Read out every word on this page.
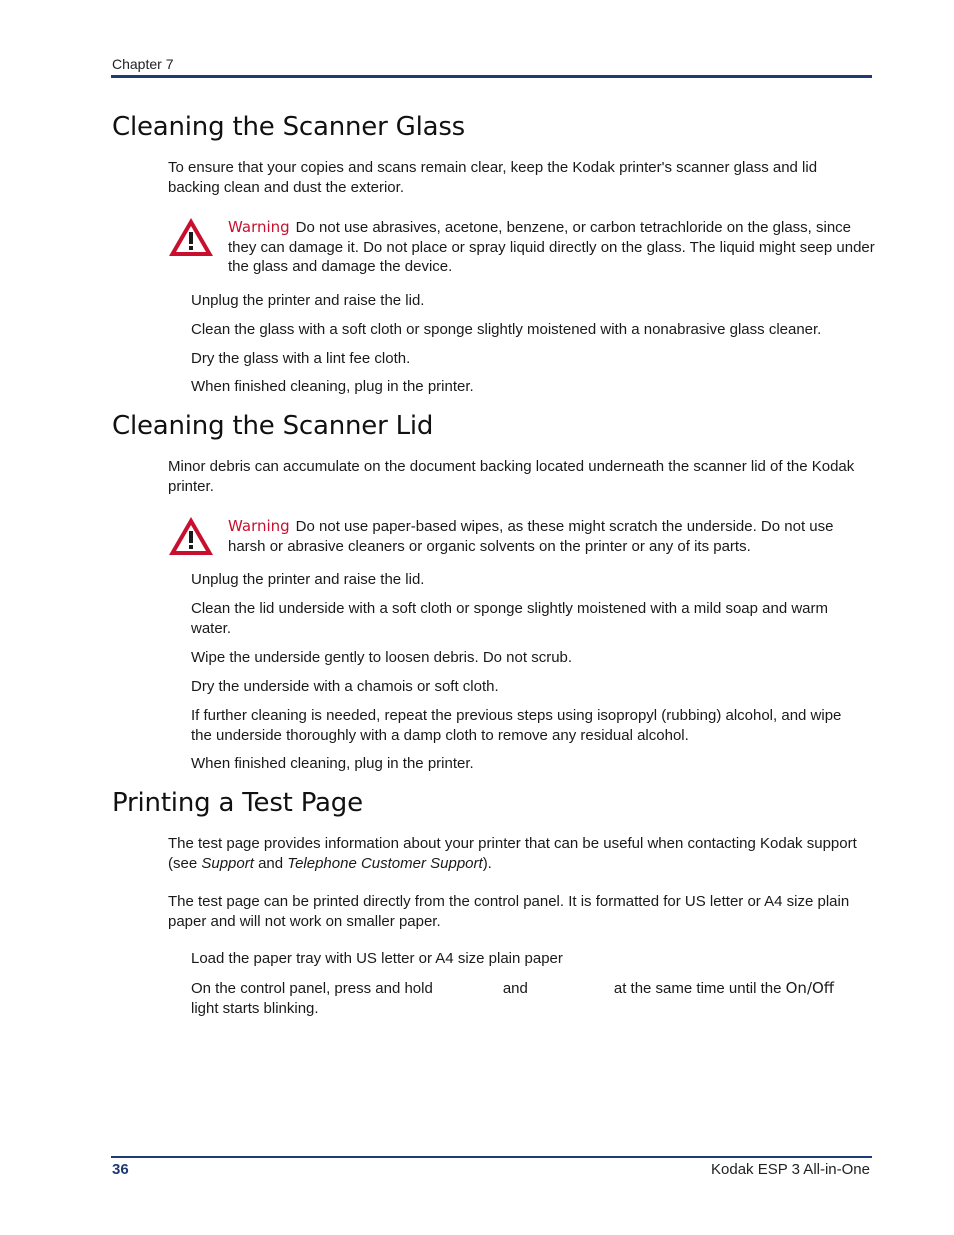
Chapter 7
Cleaning the Scanner Glass

To ensure that your copies and scans remain clear, keep the Kodak printer's scanner glass and lid backing clean and dust the exterior.

Warning Do not use abrasives, acetone, benzene, or carbon tetrachloride on the glass, since they can damage it. Do not place or spray liquid directly on the glass. The liquid might seep under the glass and damage the device.

Unplug the printer and raise the lid.

Clean the glass with a soft cloth or sponge slightly moistened with a nonabrasive glass cleaner.

Dry the glass with a lint fee cloth.

When finished cleaning, plug in the printer.

Cleaning the Scanner Lid

Minor debris can accumulate on the document backing located underneath the scanner lid of the Kodak printer.

Warning Do not use paper-based wipes, as these might scratch the underside. Do not use harsh or abrasive cleaners or organic solvents on the printer or any of its parts.

Unplug the printer and raise the lid.

Clean the lid underside with a soft cloth or sponge slightly moistened with a mild soap and warm water.

Wipe the underside gently to loosen debris. Do not scrub.

Dry the underside with a chamois or soft cloth.

If further cleaning is needed, repeat the previous steps using isopropyl (rubbing) alcohol, and wipe the underside thoroughly with a damp cloth to remove any residual alcohol.

When finished cleaning, plug in the printer.

Printing a Test Page

The test page provides information about your printer that can be useful when contacting Kodak support (see Support and Telephone Customer Support).

The test page can be printed directly from the control panel. It is formatted for US letter or A4 size plain paper and will not work on smaller paper.

Load the paper tray with US letter or A4 size plain paper

On the control panel, press and hold	and	at the same time until the On/Off
light starts blinking.

36	Kodak ESP 3 All-in-One
